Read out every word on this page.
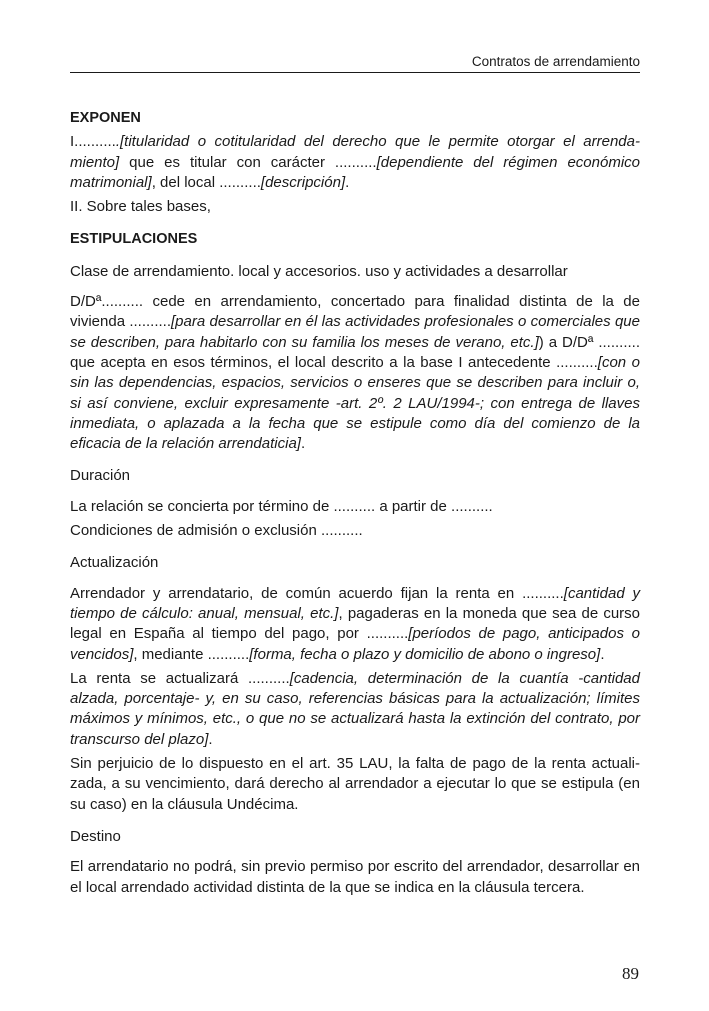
Contratos de arrendamiento

EXPONEN

I...........[titularidad o cotitularidad del derecho que le permite otorgar el arrenda-miento] que es titular con carácter ..........[dependiente del régimen económico matrimonial], del local ..........[descripción].

II. Sobre tales bases,

ESTIPULACIONES

Clase de arrendamiento. local y accesorios. uso y actividades a desarrollar

D/Dª.......... cede en arrendamiento, concertado para finalidad distinta de la de vivienda ..........[para desarrollar en él las actividades profesionales o comerciales que se describen, para habitarlo con su familia los meses de verano, etc.]) a D/Dª .......... que acepta en esos términos, el local descrito a la base I antecedente ..........[con o sin las dependencias, espacios, servicios o enseres que se describen para incluir o, si así conviene, excluir expresamente -art. 2º. 2 LAU/1994-; con entrega de llaves inmediata, o aplazada a la fecha que se estipule como día del comienzo de la eficacia de la relación arrendaticia].

Duración

La relación se concierta por término de .......... a partir de ..........

Condiciones de admisión o exclusión ..........

Actualización

Arrendador y arrendatario, de común acuerdo fijan la renta en ..........[cantidad y tiempo de cálculo: anual, mensual, etc.], pagaderas en la moneda que sea de curso legal en España al tiempo del pago, por ..........[períodos de pago, anticipados o vencidos], mediante ..........[forma, fecha o plazo y domicilio de abono o ingreso].

La renta se actualizará ..........[cadencia, determinación de la cuantía -cantidad alzada, porcentaje- y, en su caso, referencias básicas para la actualización; límites máximos y mínimos, etc., o que no se actualizará hasta la extinción del contrato, por transcurso del plazo].

Sin perjuicio de lo dispuesto en el art. 35 LAU, la falta de pago de la renta actuali-zada, a su vencimiento, dará derecho al arrendador a ejecutar lo que se estipula (en su caso) en la cláusula Undécima.

Destino

El arrendatario no podrá, sin previo permiso por escrito del arrendador, desarrollar en el local arrendado actividad distinta de la que se indica en la cláusula tercera.

89
